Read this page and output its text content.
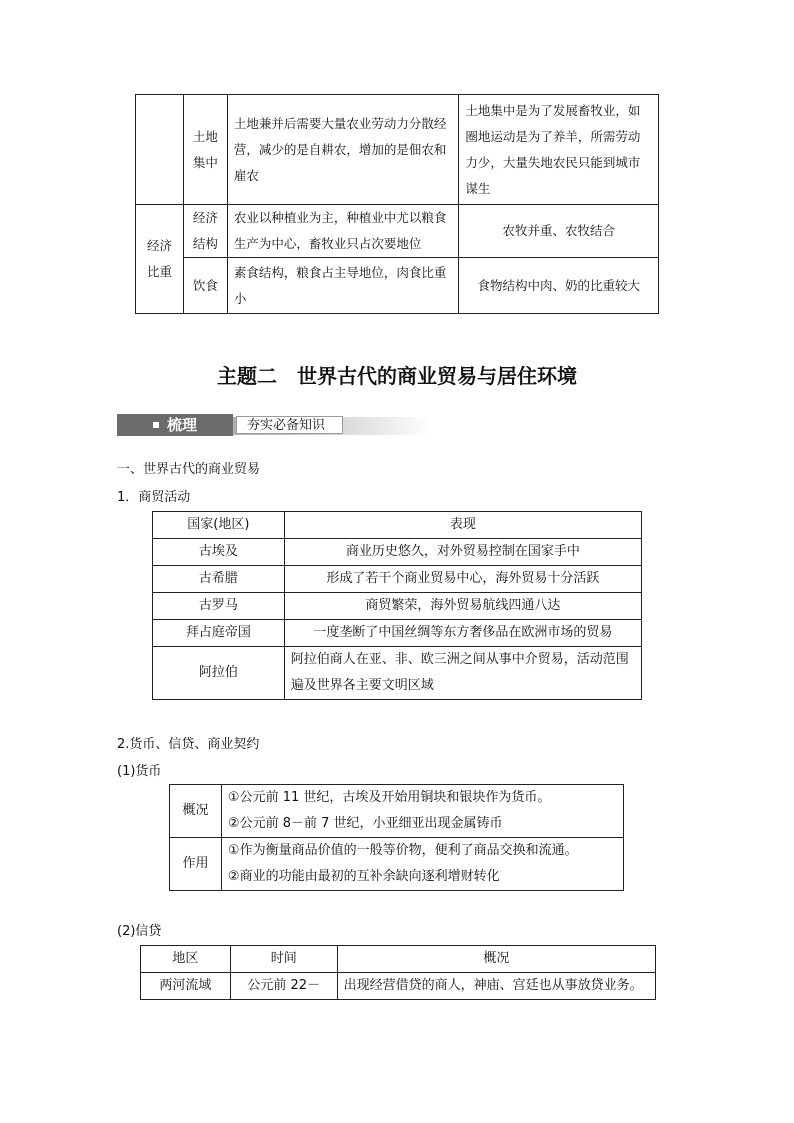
	土地集中	土地兼并后需要大量农业劳动力分散经营，减少的是自耕农，增加的是佃农和雇农	土地集中是为了发展畜牧业，如圈地运动是为了养羊，所需劳动力少，大量失地农民只能到城市谋生
经济比重	经济结构	农业以种植业为主，种植业中尤以粮食生产为中心，畜牧业只占次要地位	农牧并重、农牧结合
	饮食	素食结构，粮食占主导地位，肉食比重小	食物结构中肉、奶的比重较大
主题二　世界古代的商业贸易与居住环境
梳理	夯实必备知识
一、世界古代的商业贸易
1．商贸活动
国家(地区)	表现
古埃及	商业历史悠久，对外贸易控制在国家手中
古希腊	形成了若干个商业贸易中心，海外贸易十分活跃
古罗马	商贸繁荣，海外贸易航线四通八达
拜占庭帝国	一度垄断了中国丝绸等东方奢侈品在欧洲市场的贸易
阿拉伯	阿拉伯商人在亚、非、欧三洲之间从事中介贸易，活动范围遍及世界各主要文明区域
2.货币、信贷、商业契约
(1)货币
概况	①公元前 11 世纪，古埃及开始用铜块和银块作为货币。
②公元前 8－前 7 世纪，小亚细亚出现金属铸币

作用	①作为衡量商品价值的一般等价物，便利了商品交换和流通。
②商业的功能由最初的互补余缺向逐利增财转化
(2)信贷
地区	时间	概况
两河流域	公元前 22－	出现经营借贷的商人，神庙、宫廷也从事放贷业务。
